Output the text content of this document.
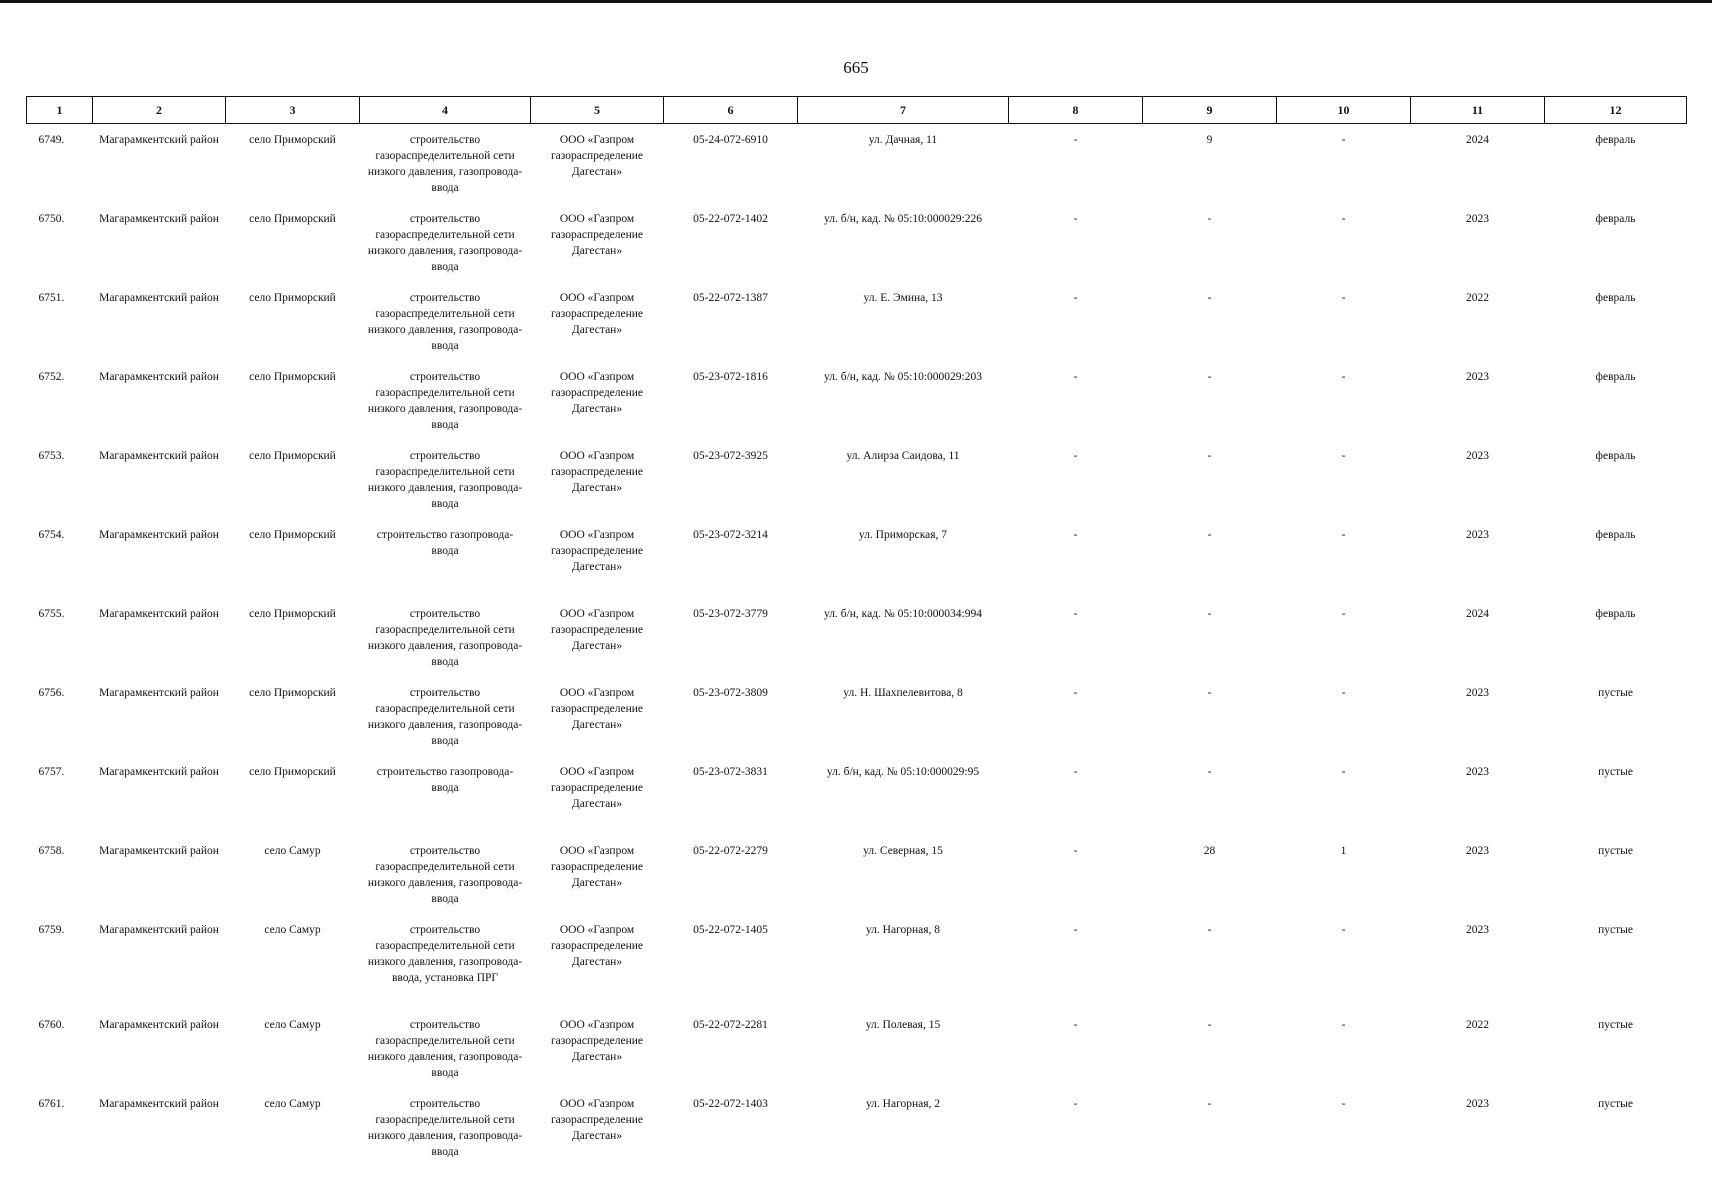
665
1	2	3	4	5	6	7	8	9	10	11	12
6749.	Магарамкентский район	село Приморский	строительство газораспределительной сети низкого давления, газопровода-ввода	ООО «Газпром газораспределение Дагестан»	05-24-072-6910	ул. Дачная, 11	-	9	-	2024	февраль
6750.	Магарамкентский район	село Приморский	строительство газораспределительной сети низкого давления, газопровода-ввода	ООО «Газпром газораспределение Дагестан»	05-22-072-1402	ул. б/н, кад. № 05:10:000029:226	-	-	-	2023	февраль
6751.	Магарамкентский район	село Приморский	строительство газораспределительной сети низкого давления, газопровода-ввода	ООО «Газпром газораспределение Дагестан»	05-22-072-1387	ул. Е. Эмина, 13	-	-	-	2022	февраль
6752.	Магарамкентский район	село Приморский	строительство газораспределительной сети низкого давления, газопровода-ввода	ООО «Газпром газораспределение Дагестан»	05-23-072-1816	ул. б/н, кад. № 05:10:000029:203	-	-	-	2023	февраль
6753.	Магарамкентский район	село Приморский	строительство газораспределительной сети низкого давления, газопровода-ввода	ООО «Газпром газораспределение Дагестан»	05-23-072-3925	ул. Алирза Саидова, 11	-	-	-	2023	февраль
6754.	Магарамкентский район	село Приморский	строительство газопровода-ввода	ООО «Газпром газораспределение Дагестан»	05-23-072-3214	ул. Приморская, 7	-	-	-	2023	февраль
6755.	Магарамкентский район	село Приморский	строительство газораспределительной сети низкого давления, газопровода-ввода	ООО «Газпром газораспределение Дагестан»	05-23-072-3779	ул. б/н, кад. № 05:10:000034:994	-	-	-	2024	февраль
6756.	Магарамкентский район	село Приморский	строительство газораспределительной сети низкого давления, газопровода-ввода	ООО «Газпром газораспределение Дагестан»	05-23-072-3809	ул. Н. Шахпелевитова, 8	-	-	-	2023	пустые
6757.	Магарамкентский район	село Приморский	строительство газопровода-ввода	ООО «Газпром газораспределение Дагестан»	05-23-072-3831	ул. б/н, кад. № 05:10:000029:95	-	-	-	2023	пустые
6758.	Магарамкентский район	село Самур	строительство газораспределительной сети низкого давления, газопровода-ввода	ООО «Газпром газораспределение Дагестан»	05-22-072-2279	ул. Северная, 15	-	28	1	2023	пустые
6759.	Магарамкентский район	село Самур	строительство газораспределительной сети низкого давления, газопровода-ввода, установка ПРГ	ООО «Газпром газораспределение Дагестан»	05-22-072-1405	ул. Нагорная, 8	-	-	-	2023	пустые
6760.	Магарамкентский район	село Самур	строительство газораспределительной сети низкого давления, газопровода-ввода	ООО «Газпром газораспределение Дагестан»	05-22-072-2281	ул. Полевая, 15	-	-	-	2022	пустые
6761.	Магарамкентский район	село Самур	строительство газораспределительной сети низкого давления, газопровода-ввода	ООО «Газпром газораспределение Дагестан»	05-22-072-1403	ул. Нагорная, 2	-	-	-	2023	пустые
